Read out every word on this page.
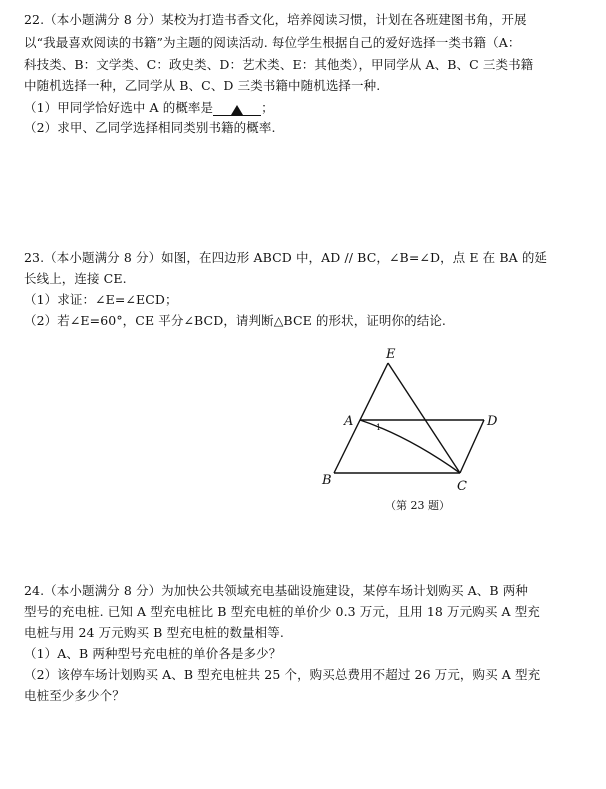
22.（本小题满分 8 分）某校为打造书香文化，培养阅读习惯，计划在各班建图书角，开展
以“我最喜欢阅读的书籍”为主题的阅读活动. 每位学生根据自己的爱好选择一类书籍（A：
科技类、B：文学类、C：政史类、D：艺术类、E：其他类），甲同学从 A、B、C 三类书籍
中随机选择一种，乙同学从 B、C、D 三类书籍中随机选择一种.
（1）甲同学恰好选中 A 的概率是	；
（2）求甲、乙同学选择相同类别书籍的概率.
23.（本小题满分 8 分）如图，在四边形 ABCD 中，AD // BC，∠B=∠D，点 E 在 BA 的延
长线上，连接 CE.
（1）求证：∠E=∠ECD；
（2）若∠E=60°，CE 平分∠BCD，请判断△BCE 的形状，证明你的结论.
E
A	D
B	C
1
（第 23 题）
24.（本小题满分 8 分）为加快公共领域充电基础设施建设，某停车场计划购买 A、B 两种
型号的充电桩. 已知 A 型充电桩比 B 型充电桩的单价少 0.3 万元，且用 18 万元购买 A 型充
电桩与用 24 万元购买 B 型充电桩的数量相等.
（1）A、B 两种型号充电桩的单价各是多少？
（2）该停车场计划购买 A、B 型充电桩共 25 个，购买总费用不超过 26 万元，购买 A 型充
电桩至少多少个？
